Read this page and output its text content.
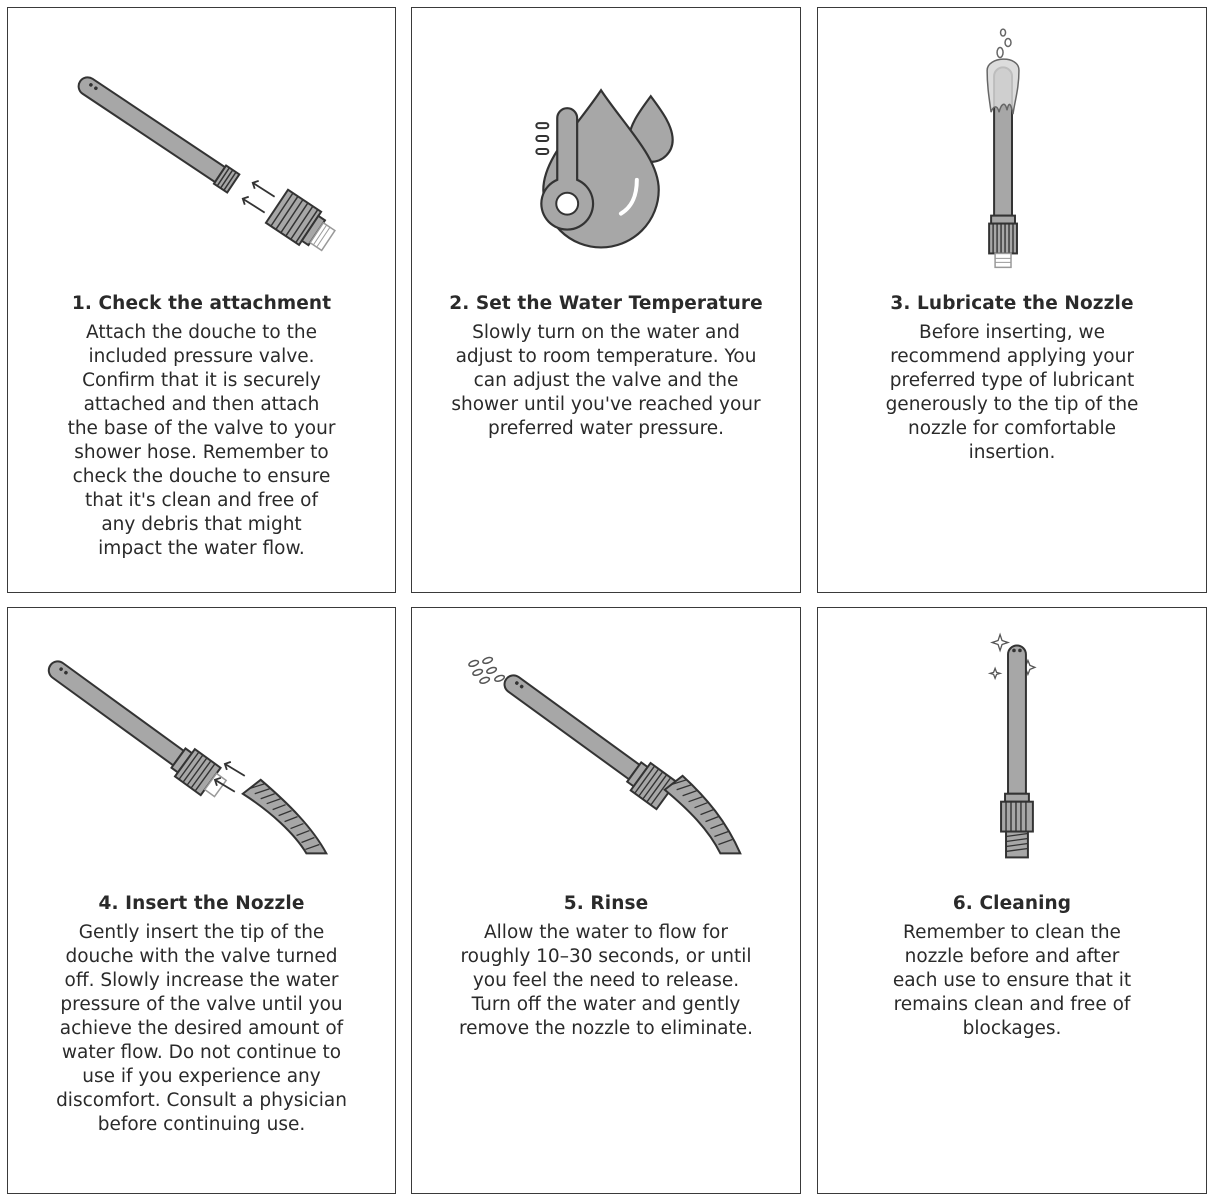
1. Check the attachment
Attach the douche to the
included pressure valve.
Confirm that it is securely
attached and then attach
the base of the valve to your
shower hose. Remember to
check the douche to ensure
that it's clean and free of
any debris that might
impact the water flow.
2. Set the Water Temperature
Slowly turn on the water and
adjust to room temperature. You
can adjust the valve and the
shower until you've reached your
preferred water pressure.
3. Lubricate the Nozzle
Before inserting, we
recommend applying your
preferred type of lubricant
generously to the tip of the
nozzle for comfortable
insertion.
4. Insert the Nozzle
Gently insert the tip of the
douche with the valve turned
off. Slowly increase the water
pressure of the valve until you
achieve the desired amount of
water flow. Do not continue to
use if you experience any
discomfort. Consult a physician
before continuing use.
5. Rinse
Allow the water to flow for
roughly 10–30 seconds, or until
you feel the need to release.
Turn off the water and gently
remove the nozzle to eliminate.
6. Cleaning
Remember to clean the
nozzle before and after
each use to ensure that it
remains clean and free of
blockages.
